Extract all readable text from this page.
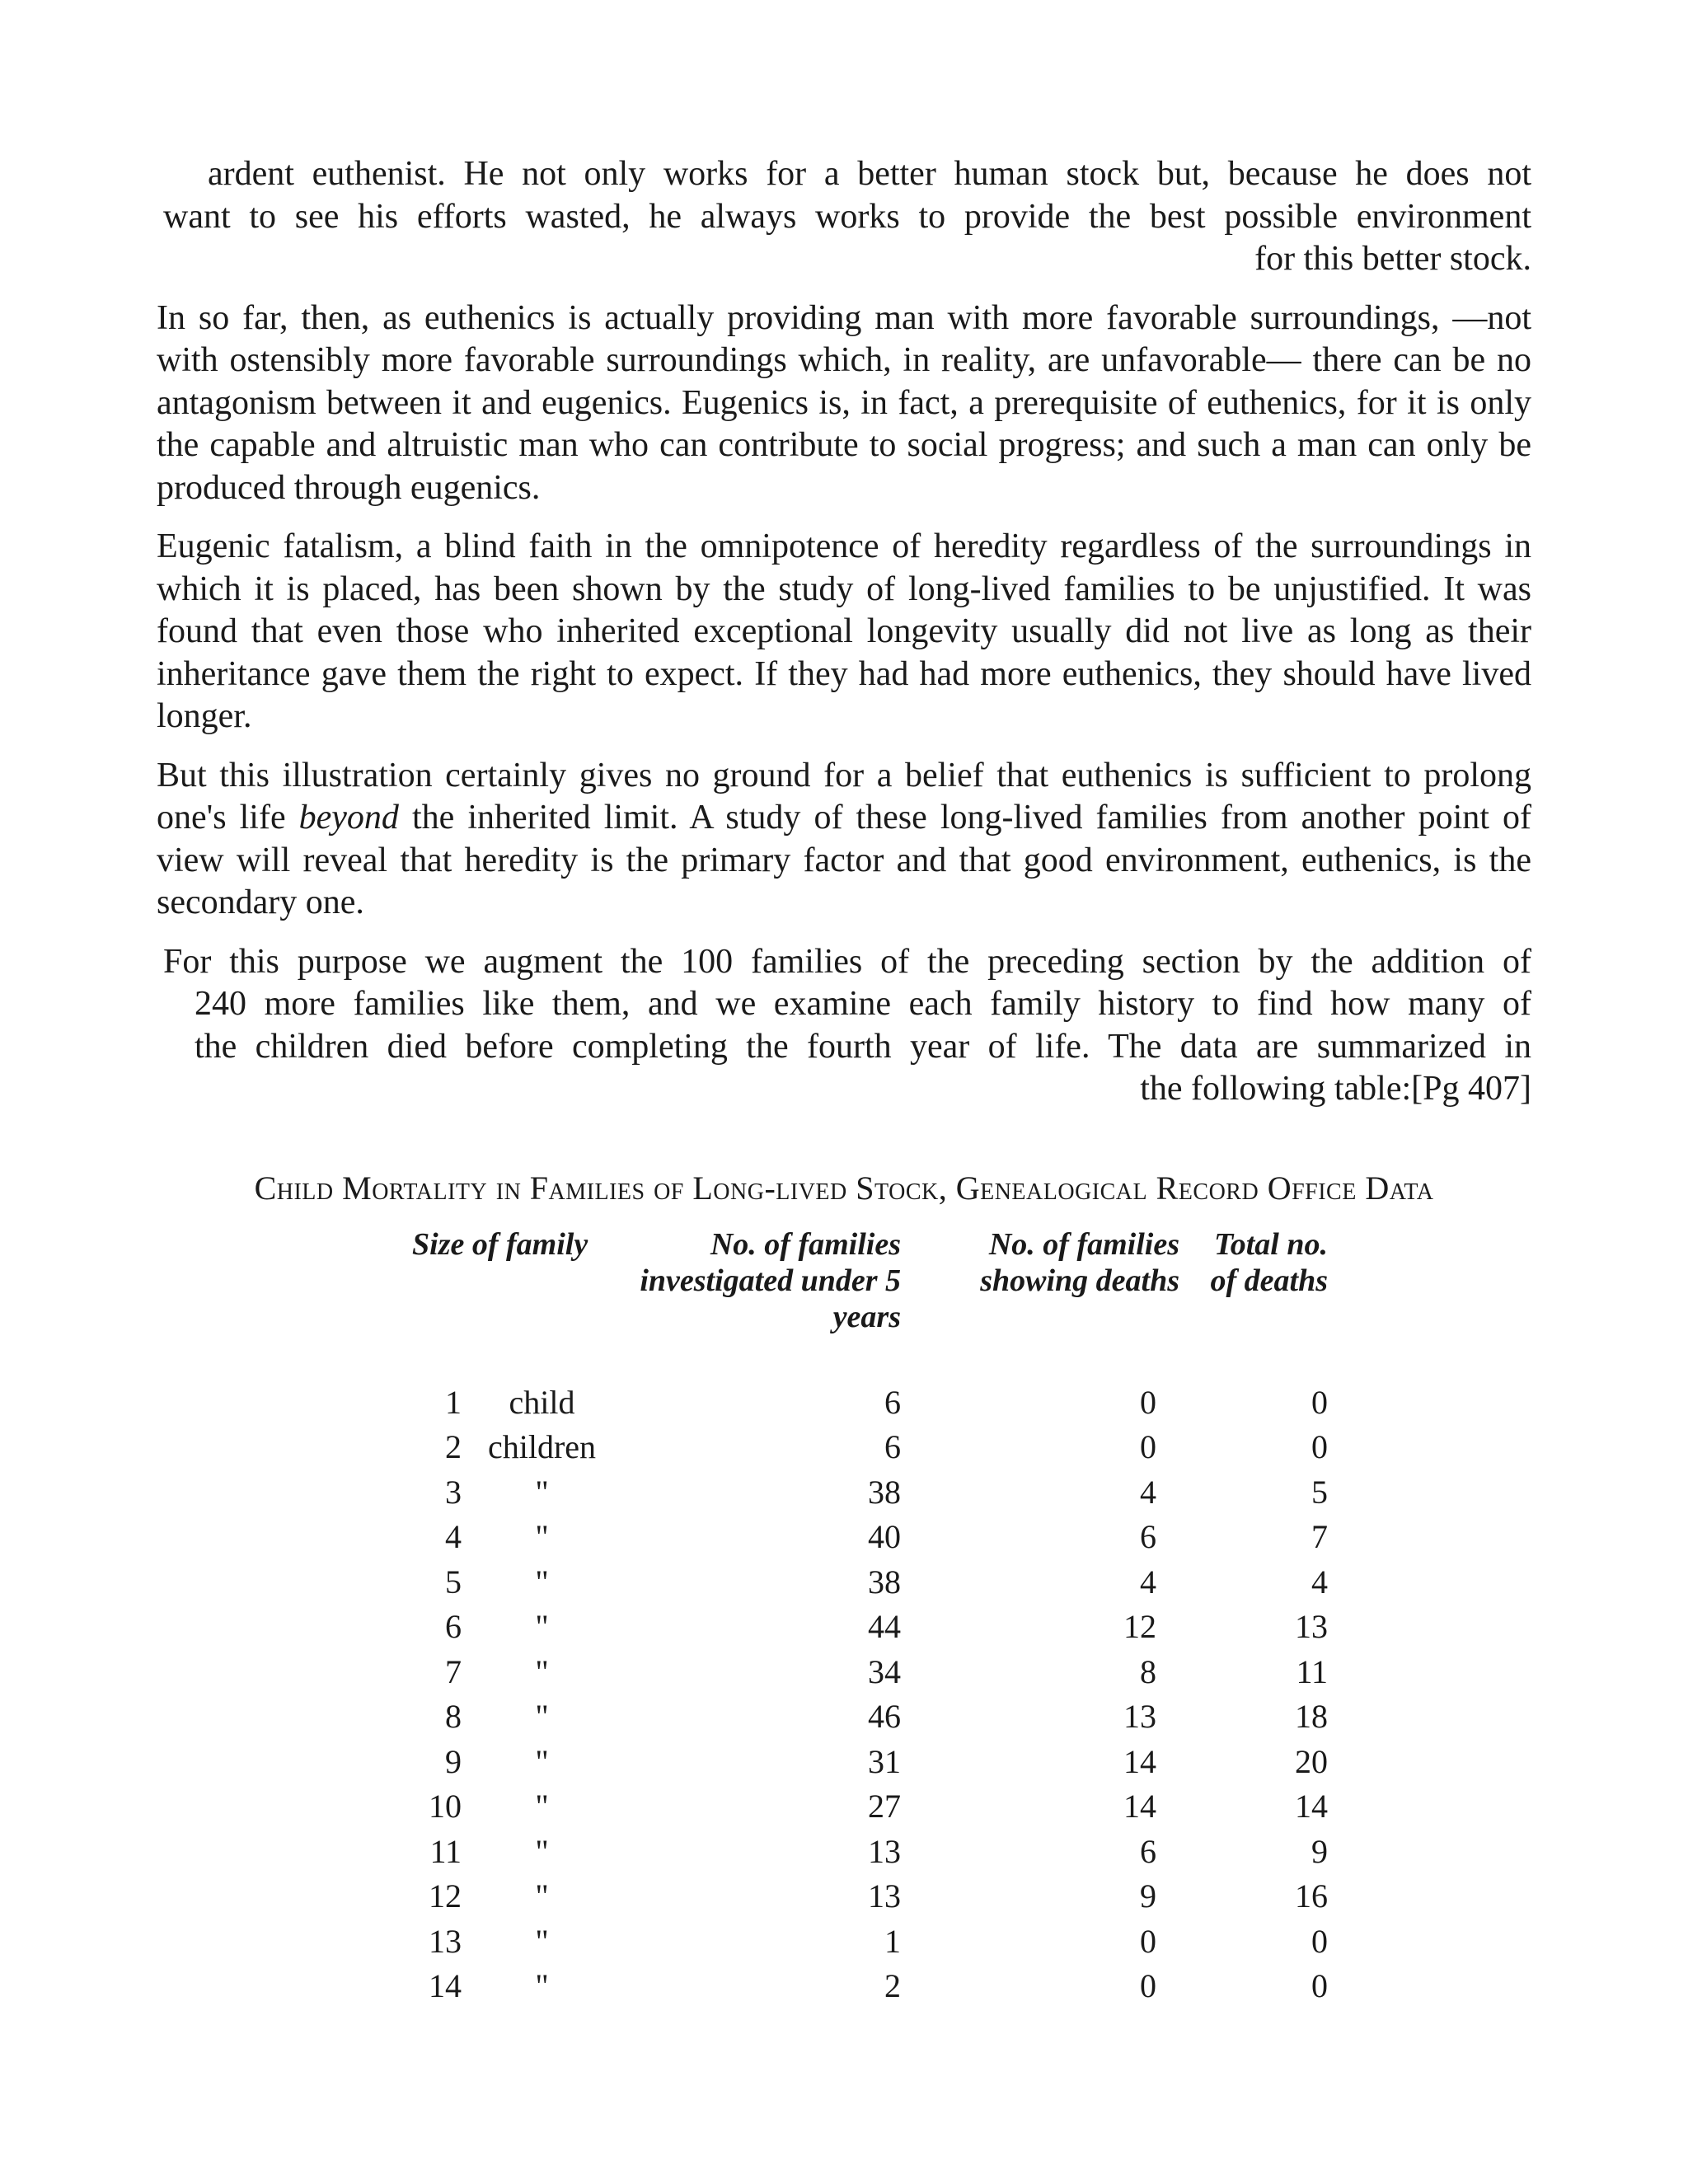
ardent euthenist. He not only works for a better human stock but, because he does not
want to see his efforts wasted, he always works to provide the best possible environment
for this better stock.

In so far, then, as euthenics is actually providing man with more favorable surroundings, —not with ostensibly more favorable surroundings which, in reality, are unfavorable— there can be no antagonism between it and eugenics. Eugenics is, in fact, a prerequisite of euthenics, for it is only the capable and altruistic man who can contribute to social progress; and such a man can only be produced through eugenics.

Eugenic fatalism, a blind faith in the omnipotence of heredity regardless of the surroundings in which it is placed, has been shown by the study of long-lived families to be unjustified. It was found that even those who inherited exceptional longevity usually did not live as long as their inheritance gave them the right to expect. If they had had more euthenics, they should have lived longer.

But this illustration certainly gives no ground for a belief that euthenics is sufficient to prolong one's life beyond the inherited limit. A study of these long-lived families from another point of view will reveal that heredity is the primary factor and that good environment, euthenics, is the secondary one.

For this purpose we augment the 100 families of the preceding section by the addition of
240 more families like them, and we examine each family history to find how many of
the children died before completing the fourth year of life. The data are summarized in
the following table:[Pg 407]
Child Mortality in Families of Long-lived Stock, Genealogical Record Office Data
Size of family		No. of families investigated under 5 years	No. of families showing deaths	Total no. of deaths

1	child	6	0	0
2	children	6	0	0
3	"	38	4	5
4	"	40	6	7
5	"	38	4	4
6	"	44	12	13
7	"	34	8	11
8	"	46	13	18
9	"	31	14	20
10	"	27	14	14
11	"	13	6	9
12	"	13	9	16
13	"	1	0	0
14	"	2	0	0
